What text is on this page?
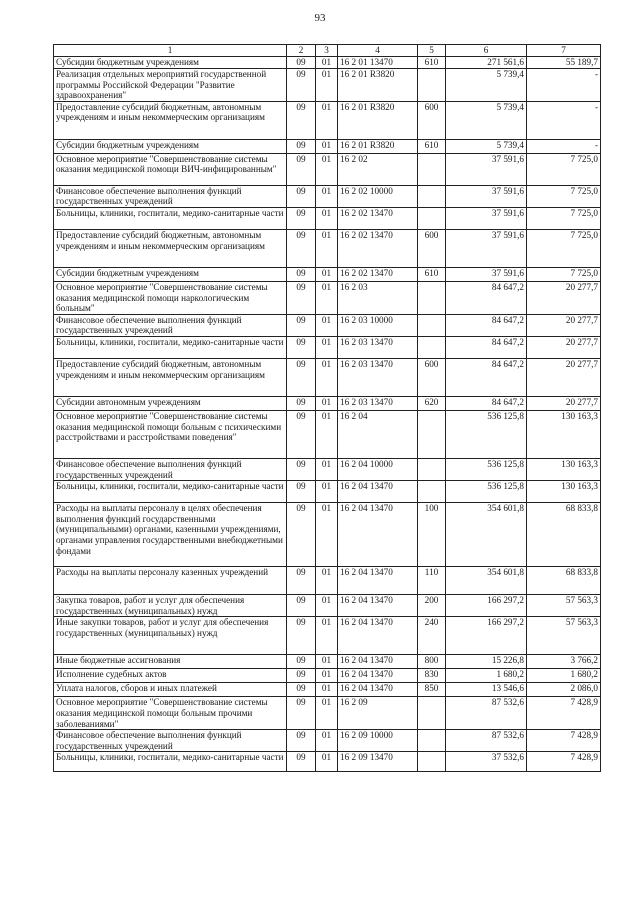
93
1	2	3	4	5	6	7
Субсидии бюджетным учреждениям	09	01	16 2 01 13470	610	271 561,6	55 189,7
Реализация отдельных мероприятий государственной программы Российской Федерации "Развитие здравоохранения"	09	01	16 2 01 R3820		5 739,4	-
Предоставление субсидий бюджетным, автономным учреждениям и иным некоммерческим организациям	09	01	16 2 01 R3820	600	5 739,4	-
Субсидии бюджетным учреждениям	09	01	16 2 01 R3820	610	5 739,4	-
Основное мероприятие "Совершенствование системы оказания медицинской помощи ВИЧ-инфицированным"	09	01	16 2 02		37 591,6	7 725,0
Финансовое обеспечение выполнения функций государственных учреждений	09	01	16 2 02 10000		37 591,6	7 725,0
Больницы, клиники, госпитали, медико-санитарные части	09	01	16 2 02 13470		37 591,6	7 725,0
Предоставление субсидий бюджетным, автономным учреждениям и иным некоммерческим организациям	09	01	16 2 02 13470	600	37 591,6	7 725,0
Субсидии бюджетным учреждениям	09	01	16 2 02 13470	610	37 591,6	7 725,0
Основное мероприятие "Совершенствование системы оказания медицинской помощи наркологическим больным"	09	01	16 2 03		84 647,2	20 277,7
Финансовое обеспечение выполнения функций государственных учреждений	09	01	16 2 03 10000		84 647,2	20 277,7
Больницы, клиники, госпитали, медико-санитарные части	09	01	16 2 03 13470		84 647,2	20 277,7
Предоставление субсидий бюджетным, автономным учреждениям и иным некоммерческим организациям	09	01	16 2 03 13470	600	84 647,2	20 277,7
Субсидии автономным учреждениям	09	01	16 2 03 13470	620	84 647,2	20 277,7
Основное мероприятие "Совершенствование системы оказания медицинской помощи больным с психическими расстройствами и расстройствами поведения"	09	01	16 2 04		536 125,8	130 163,3
Финансовое обеспечение выполнения функций государственных учреждений	09	01	16 2 04 10000		536 125,8	130 163,3
Больницы, клиники, госпитали, медико-санитарные части	09	01	16 2 04 13470		536 125,8	130 163,3
Расходы на выплаты персоналу в целях обеспечения выполнения функций государственными (муниципальными) органами, казенными учреждениями, органами управления государственными внебюджетными фондами	09	01	16 2 04 13470	100	354 601,8	68 833,8
Расходы на выплаты персоналу казенных учреждений	09	01	16 2 04 13470	110	354 601,8	68 833,8
Закупка товаров, работ и услуг для обеспечения государственных (муниципальных) нужд	09	01	16 2 04 13470	200	166 297,2	57 563,3
Иные закупки товаров, работ и услуг для обеспечения государственных (муниципальных) нужд	09	01	16 2 04 13470	240	166 297,2	57 563,3
Иные бюджетные ассигнования	09	01	16 2 04 13470	800	15 226,8	3 766,2
Исполнение судебных актов	09	01	16 2 04 13470	830	1 680,2	1 680,2
Уплата налогов, сборов и иных платежей	09	01	16 2 04 13470	850	13 546,6	2 086,0
Основное мероприятие "Совершенствование системы оказания медицинской помощи больным прочими заболеваниями"	09	01	16 2 09		87 532,6	7 428,9
Финансовое обеспечение выполнения функций государственных учреждений	09	01	16 2 09 10000		87 532,6	7 428,9
Больницы, клиники, госпитали, медико-санитарные части	09	01	16 2 09 13470		37 532,6	7 428,9
